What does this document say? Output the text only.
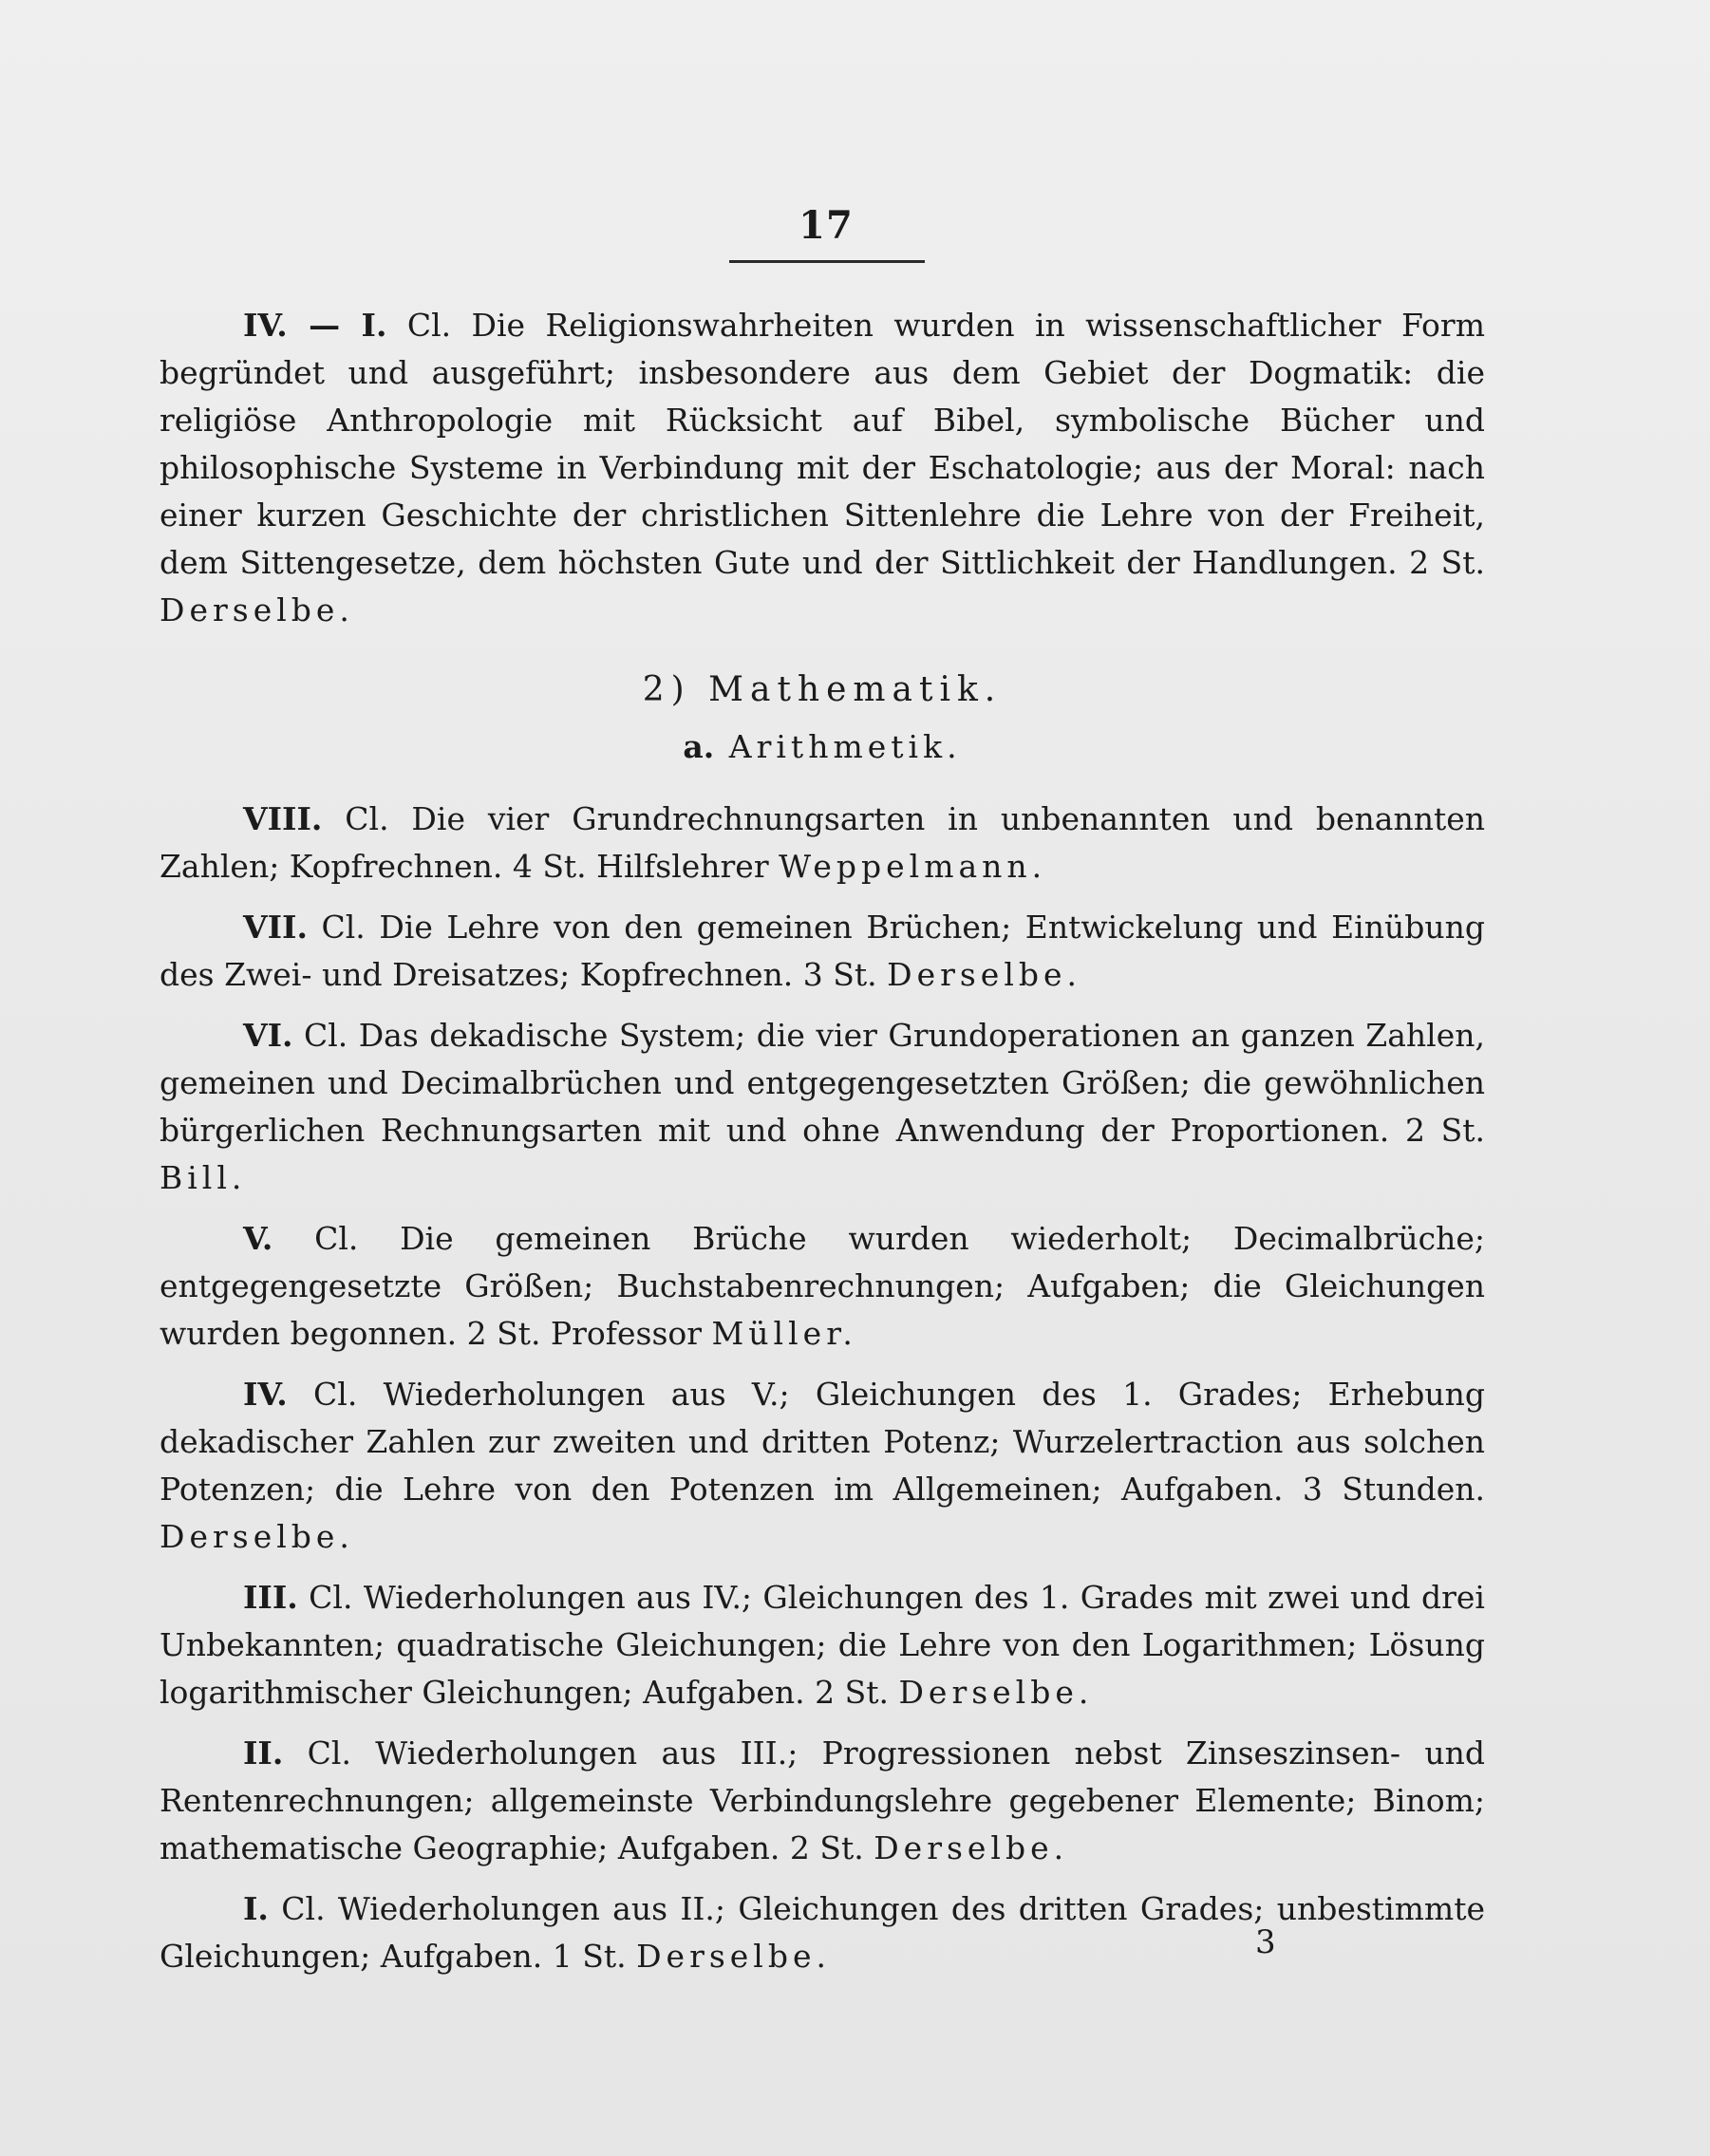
17

IV. — I. Cl. Die Religionswahrheiten wurden in wissenschaftlicher Form begründet und ausgeführt; insbesondere aus dem Gebiet der Dogmatik: die religiöse Anthropologie mit Rücksicht auf Bibel, symbolische Bücher und philosophische Systeme in Verbindung mit der Eschatologie; aus der Moral: nach einer kurzen Geschichte der christlichen Sittenlehre die Lehre von der Freiheit, dem Sittengesetze, dem höchsten Gute und der Sittlichkeit der Handlungen. 2 St. Derselbe.

2) Mathematik.
a. Arithmetik.

VIII. Cl. Die vier Grundrechnungsarten in unbenannten und benannten Zahlen; Kopfrechnen. 4 St. Hilfslehrer Weppelmann.

VII. Cl. Die Lehre von den gemeinen Brüchen; Entwickelung und Einübung des Zwei- und Dreisatzes; Kopfrechnen. 3 St. Derselbe.

VI. Cl. Das dekadische System; die vier Grundoperationen an ganzen Zahlen, gemeinen und Decimalbrüchen und entgegengesetzten Größen; die gewöhnlichen bürgerlichen Rechnungsarten mit und ohne Anwendung der Proportionen. 2 St. Bill.

V. Cl. Die gemeinen Brüche wurden wiederholt; Decimalbrüche; entgegengesetzte Größen; Buchstabenrechnungen; Aufgaben; die Gleichungen wurden begonnen. 2 St. Professor Müller.

IV. Cl. Wiederholungen aus V.; Gleichungen des 1. Grades; Erhebung dekadischer Zahlen zur zweiten und dritten Potenz; Wurzelertraction aus solchen Potenzen; die Lehre von den Potenzen im Allgemeinen; Aufgaben. 3 Stunden. Derselbe.

III. Cl. Wiederholungen aus IV.; Gleichungen des 1. Grades mit zwei und drei Unbekannten; quadratische Gleichungen; die Lehre von den Logarithmen; Lösung logarithmischer Gleichungen; Aufgaben. 2 St. Derselbe.

II. Cl. Wiederholungen aus III.; Progressionen nebst Zinseszinsen- und Rentenrechnungen; allgemeinste Verbindungslehre gegebener Elemente; Binom; mathematische Geographie; Aufgaben. 2 St. Derselbe.

I. Cl. Wiederholungen aus II.; Gleichungen des dritten Grades; unbestimmte Gleichungen; Aufgaben. 1 St. Derselbe.	3
